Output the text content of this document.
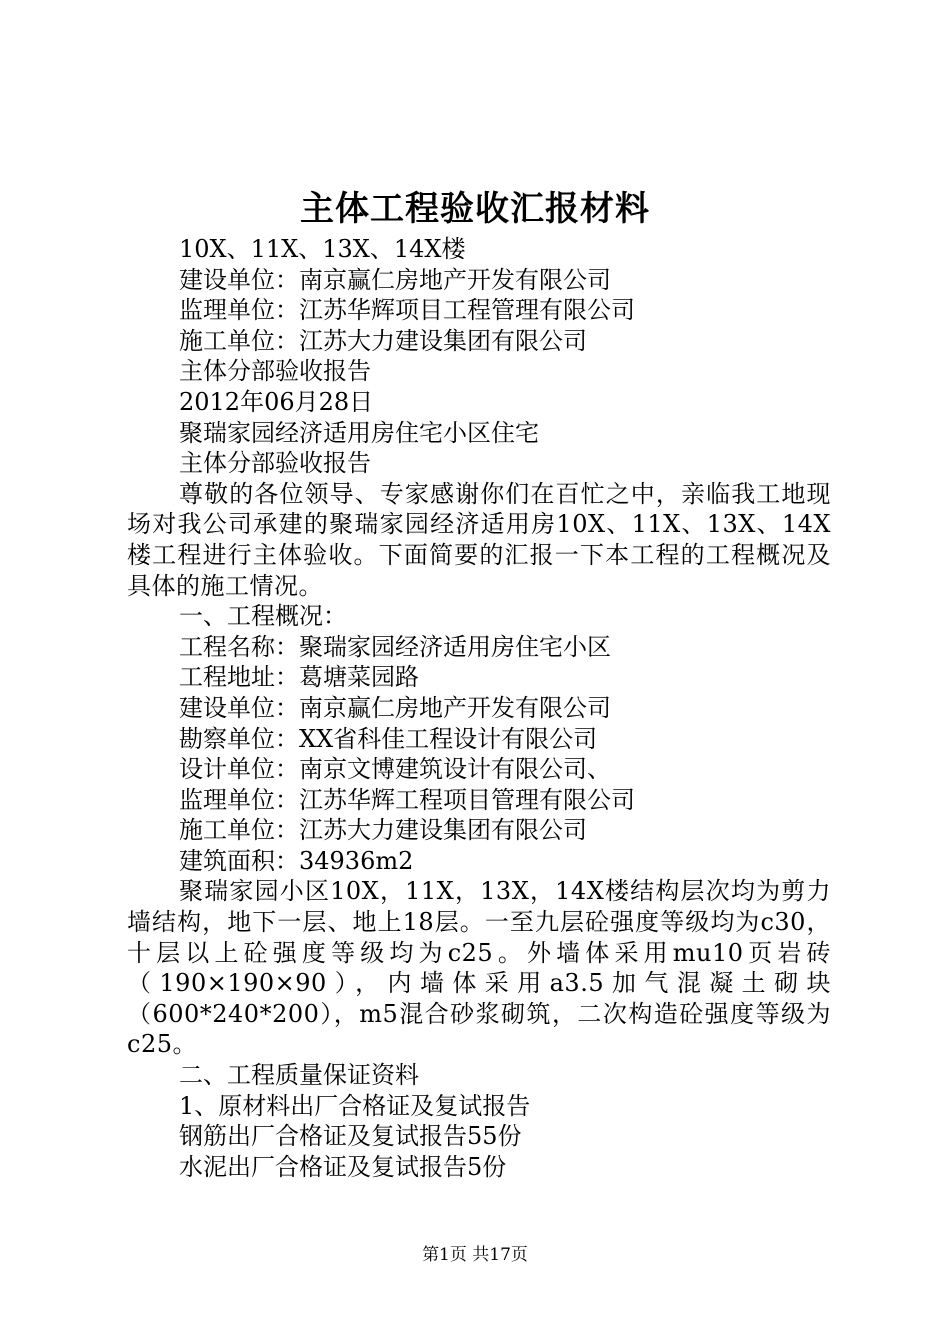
主体工程验收汇报材料

10X、11X、13X、14X楼

建设单位：南京赢仁房地产开发有限公司

监理单位：江苏华辉项目工程管理有限公司

施工单位：江苏大力建设集团有限公司

主体分部验收报告

2012年06月28日

聚瑞家园经济适用房住宅小区住宅

主体分部验收报告

尊敬的各位领导、专家感谢你们在百忙之中，亲临我工地现场对我公司承建的聚瑞家园经济适用房10X、11X、13X、14X楼工程进行主体验收。下面简要的汇报一下本工程的工程概况及具体的施工情况。

一、工程概况：

工程名称：聚瑞家园经济适用房住宅小区

工程地址：葛塘菜园路

建设单位：南京赢仁房地产开发有限公司

勘察单位：XX省科佳工程设计有限公司

设计单位：南京文博建筑设计有限公司、

监理单位：江苏华辉工程项目管理有限公司

施工单位：江苏大力建设集团有限公司

建筑面积：34936m2

聚瑞家园小区10X，11X，13X，14X楼结构层次均为剪力墙结构，地下一层、地上18层。一至九层砼强度等级均为c30，十层以上砼强度等级均为c25。外墙体采用mu10页岩砖（190×190×90），内墙体采用a3.5加气混凝土砌块（600*240*200），m5混合砂浆砌筑，二次构造砼强度等级为c25。

二、工程质量保证资料

1、原材料出厂合格证及复试报告

钢筋出厂合格证及复试报告55份

水泥出厂合格证及复试报告5份

第1页 共17页
